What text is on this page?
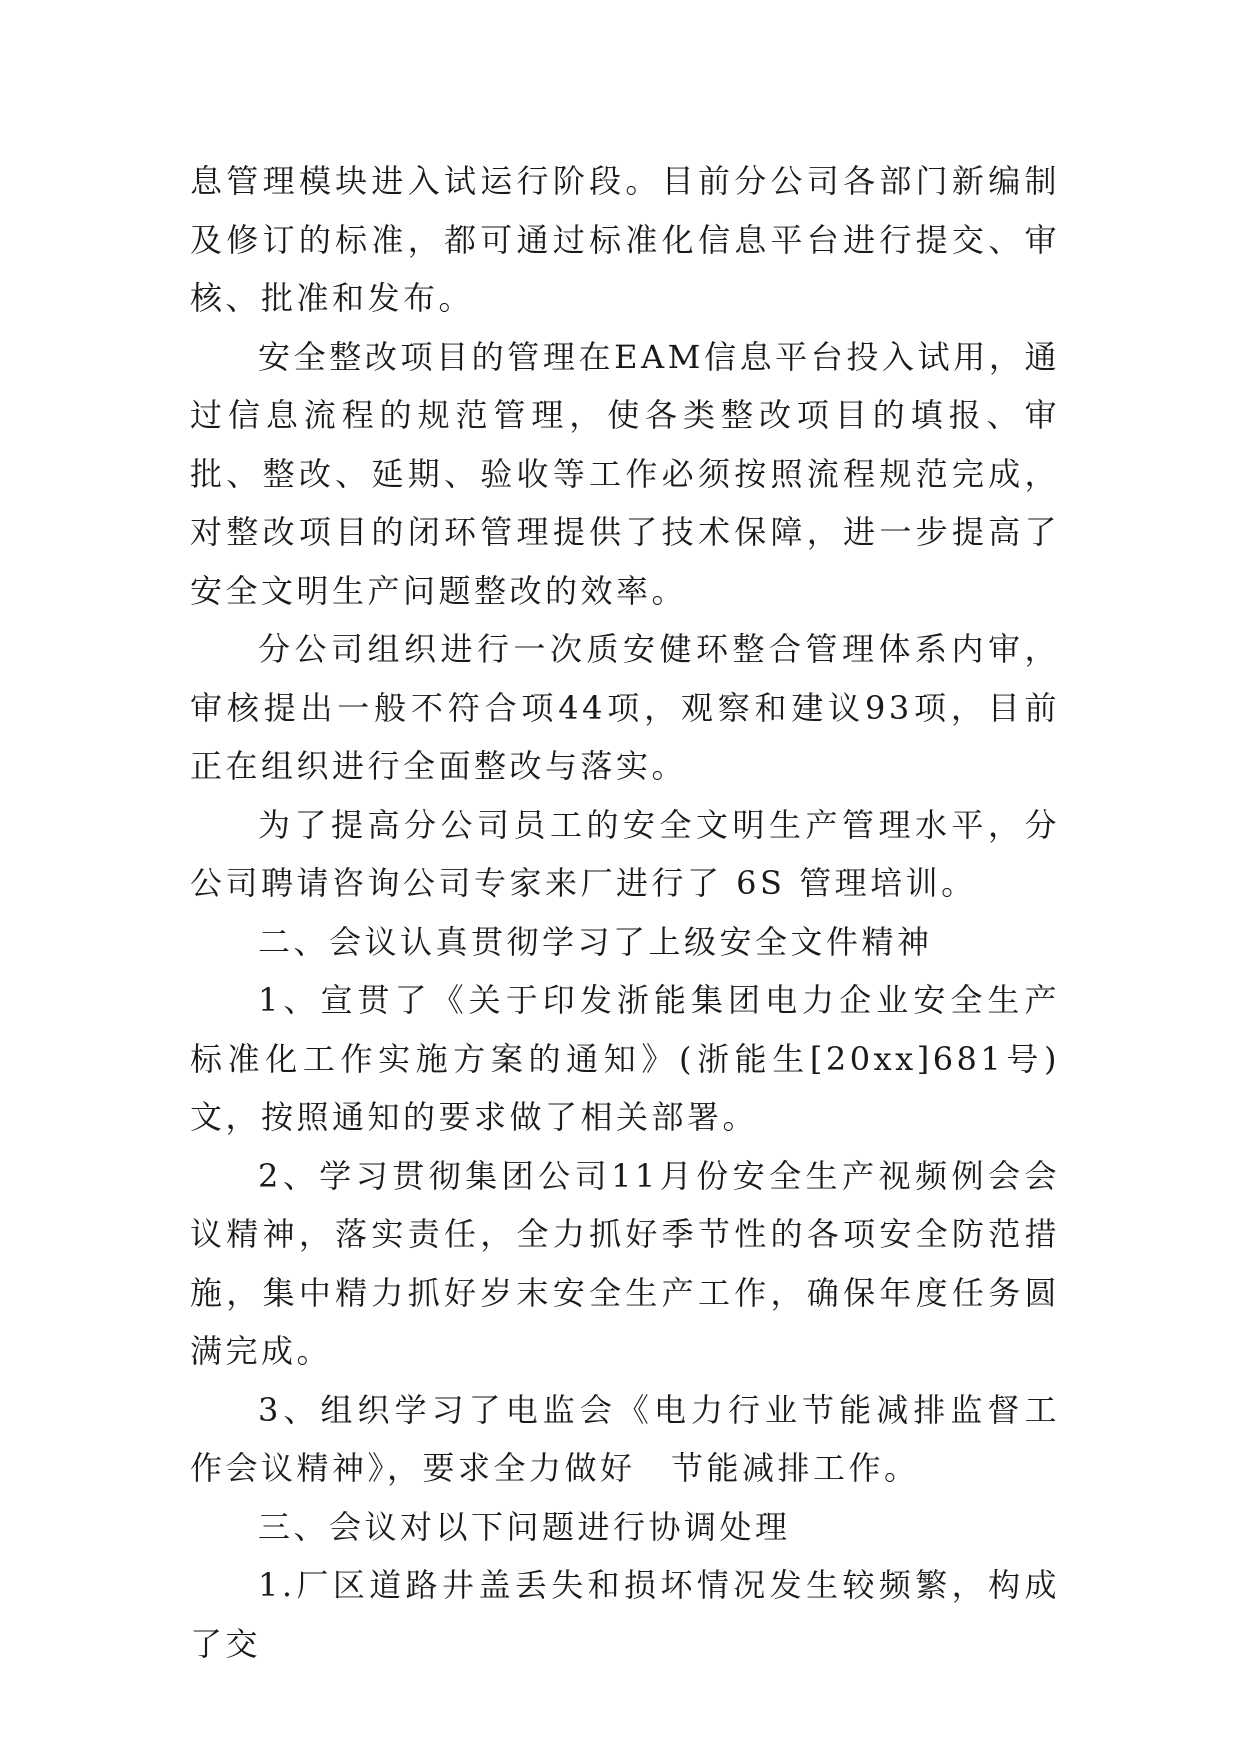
息管理模块进入试运行阶段。目前分公司各部门新编制及修订的标准，都可通过标准化信息平台进行提交、审核、批准和发布。

安全整改项目的管理在EAM信息平台投入试用，通过信息流程的规范管理，使各类整改项目的填报、审批、整改、延期、验收等工作必须按照流程规范完成，对整改项目的闭环管理提供了技术保障，进一步提高了安全文明生产问题整改的效率。

分公司组织进行一次质安健环整合管理体系内审，审核提出一般不符合项44项，观察和建议93项，目前正在组织进行全面整改与落实。

为了提高分公司员工的安全文明生产管理水平，分公司聘请咨询公司专家来厂进行了 6S 管理培训。

二、会议认真贯彻学习了上级安全文件精神

1、宣贯了《关于印发浙能集团电力企业安全生产标准化工作实施方案的通知》(浙能生[20xx]681号)文，按照通知的要求做了相关部署。

2、学习贯彻集团公司11月份安全生产视频例会会议精神，落实责任，全力抓好季节性的各项安全防范措施，集中精力抓好岁末安全生产工作，确保年度任务圆满完成。

3、组织学习了电监会《电力行业节能减排监督工作会议精神》，要求全力做好　节能减排工作。

三、会议对以下问题进行协调处理

1.厂区道路井盖丢失和损坏情况发生较频繁，构成了交
